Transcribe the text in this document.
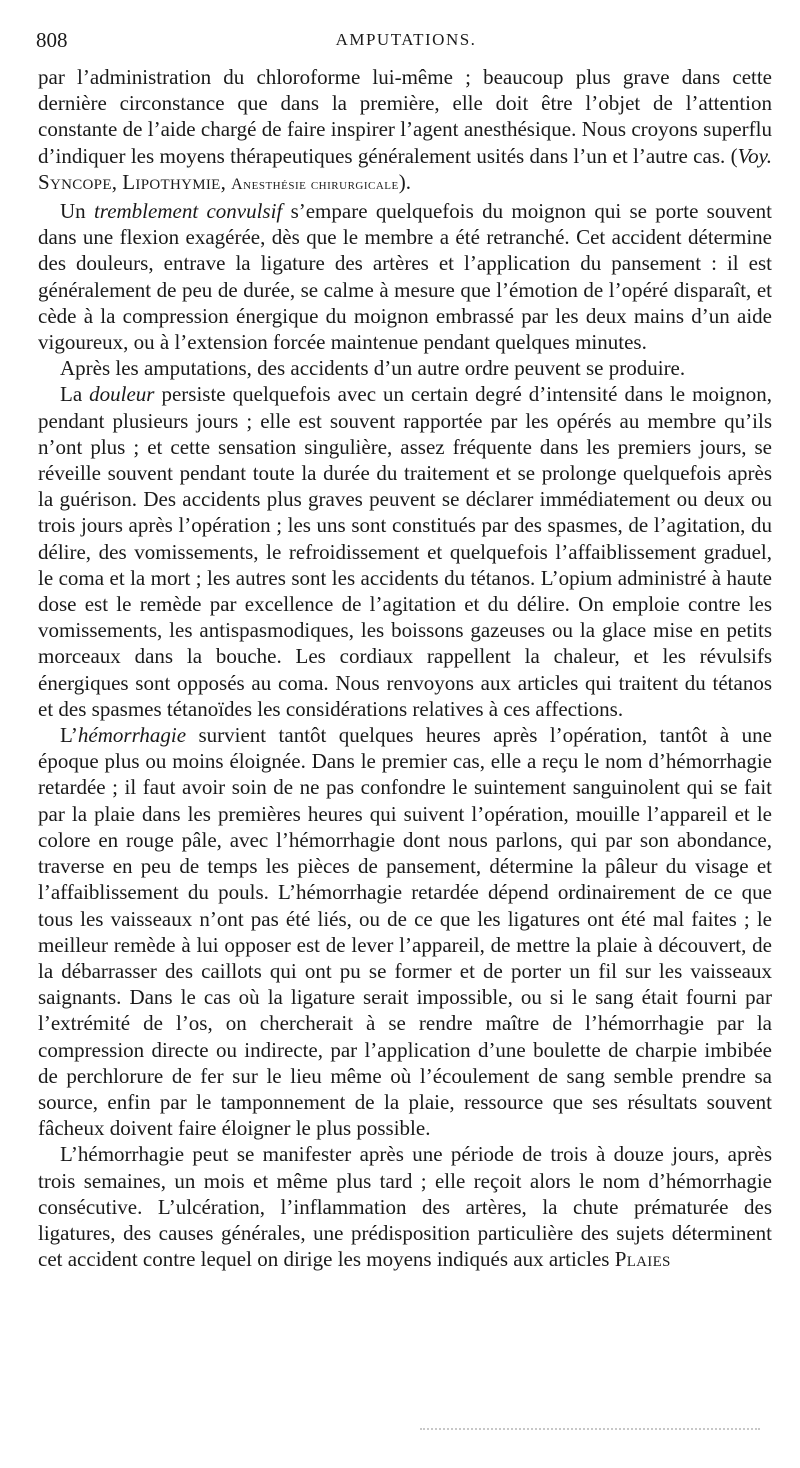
808	AMPUTATIONS.

par l’administration du chloroforme lui-même ; beaucoup plus grave dans cette dernière circonstance que dans la première, elle doit être l’objet de l’attention constante de l’aide chargé de faire inspirer l’agent anesthésique. Nous croyons superflu d’indiquer les moyens thérapeutiques généralement usités dans l’un et l’autre cas. (Voy. Syncope, Lipothymie, Anesthésie chirurgicale).

Un tremblement convulsif s’empare quelquefois du moignon qui se porte souvent dans une flexion exagérée, dès que le membre a été retranché. Cet accident détermine des douleurs, entrave la ligature des artères et l’application du pansement : il est généralement de peu de durée, se calme à mesure que l’émotion de l’opéré disparaît, et cède à la compression énergique du moignon embrassé par les deux mains d’un aide vigoureux, ou à l’extension forcée maintenue pendant quelques minutes.

Après les amputations, des accidents d’un autre ordre peuvent se produire.

La douleur persiste quelquefois avec un certain degré d’intensité dans le moignon, pendant plusieurs jours ; elle est souvent rapportée par les opérés au membre qu’ils n’ont plus ; et cette sensation singulière, assez fréquente dans les premiers jours, se réveille souvent pendant toute la durée du traitement et se prolonge quelquefois après la guérison. Des accidents plus graves peuvent se déclarer immédiatement ou deux ou trois jours après l’opération ; les uns sont constitués par des spasmes, de l’agitation, du délire, des vomissements, le refroidissement et quelquefois l’affaiblissement graduel, le coma et la mort ; les autres sont les accidents du tétanos. L’opium administré à haute dose est le remède par excellence de l’agitation et du délire. On emploie contre les vomissements, les antispasmodiques, les boissons gazeuses ou la glace mise en petits morceaux dans la bouche. Les cordiaux rappellent la chaleur, et les révulsifs énergiques sont opposés au coma. Nous renvoyons aux articles qui traitent du tétanos et des spasmes tétanoïdes les considérations relatives à ces affections.

L’hémorrhagie survient tantôt quelques heures après l’opération, tantôt à une époque plus ou moins éloignée. Dans le premier cas, elle a reçu le nom d’hémorrhagie retardée ; il faut avoir soin de ne pas confondre le suintement sanguinolent qui se fait par la plaie dans les premières heures qui suivent l’opération, mouille l’appareil et le colore en rouge pâle, avec l’hémorrhagie dont nous parlons, qui par son abondance, traverse en peu de temps les pièces de pansement, détermine la pâleur du visage et l’affaiblissement du pouls. L’hémorrhagie retardée dépend ordinairement de ce que tous les vaisseaux n’ont pas été liés, ou de ce que les ligatures ont été mal faites ; le meilleur remède à lui opposer est de lever l’appareil, de mettre la plaie à découvert, de la débarrasser des caillots qui ont pu se former et de porter un fil sur les vaisseaux saignants. Dans le cas où la ligature serait impossible, ou si le sang était fourni par l’extrémité de l’os, on chercherait à se rendre maître de l’hémorrhagie par la compression directe ou indirecte, par l’application d’une boulette de charpie imbibée de perchlorure de fer sur le lieu même où l’écoulement de sang semble prendre sa source, enfin par le tamponnement de la plaie, ressource que ses résultats souvent fâcheux doivent faire éloigner le plus possible.

L’hémorrhagie peut se manifester après une période de trois à douze jours, après trois semaines, un mois et même plus tard ; elle reçoit alors le nom d’hémorrhagie consécutive. L’ulcération, l’inflammation des artères, la chute prématurée des ligatures, des causes générales, une prédisposition particulière des sujets déterminent cet accident contre lequel on dirige les moyens indiqués aux articles Plaies
